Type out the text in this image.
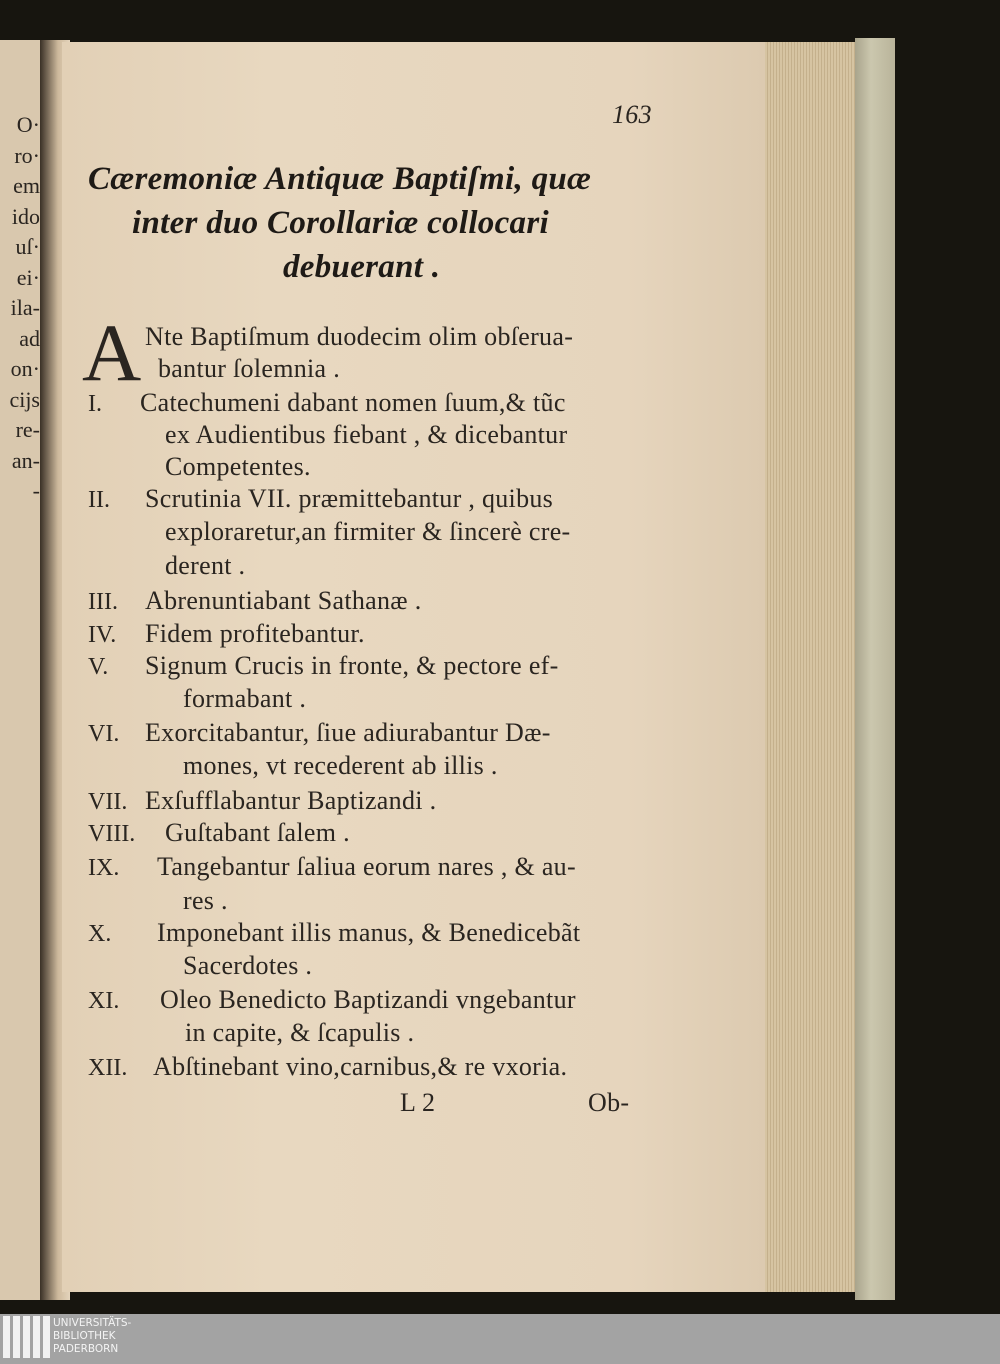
O·
ro·
em
ido
uſ·
ei·
ila-
ad
on·
cijs
re-
an-
-
163
Cæremoniæ Antiquæ Baptiſmi, quæ
inter duo Corollariæ collocari
debuerant .
A Nte Baptiſmum duodecim olim obſerua-
bantur ſolemnia .
I. Catechumeni dabant nomen ſuum,& tũc
ex Audientibus fiebant , & dicebantur
Competentes.
II. Scrutinia VII. præmittebantur , quibus
exploraretur,an firmiter & ſincerè cre-
derent .
III. Abrenuntiabant Sathanæ .
IV. Fidem profitebantur.
V. Signum Crucis in fronte, & pectore ef-
formabant .
VI. Exorcitabantur, ſiue adiurabantur Dæ-
mones, vt recederent ab illis .
VII. Exſufflabantur Baptizandi .
VIII. Guſtabant ſalem .
IX. Tangebantur ſaliua eorum nares , & au-
res .
X. Imponebant illis manus, & Benedicebãt
Sacerdotes .
XI. Oleo Benedicto Baptizandi vngebantur
in capite, & ſcapulis .
XII. Abſtinebant vino,carnibus,& re vxoria.
L 2	Ob-
UNIVERSITÄTS-
BIBLIOTHEK
PADERBORN
